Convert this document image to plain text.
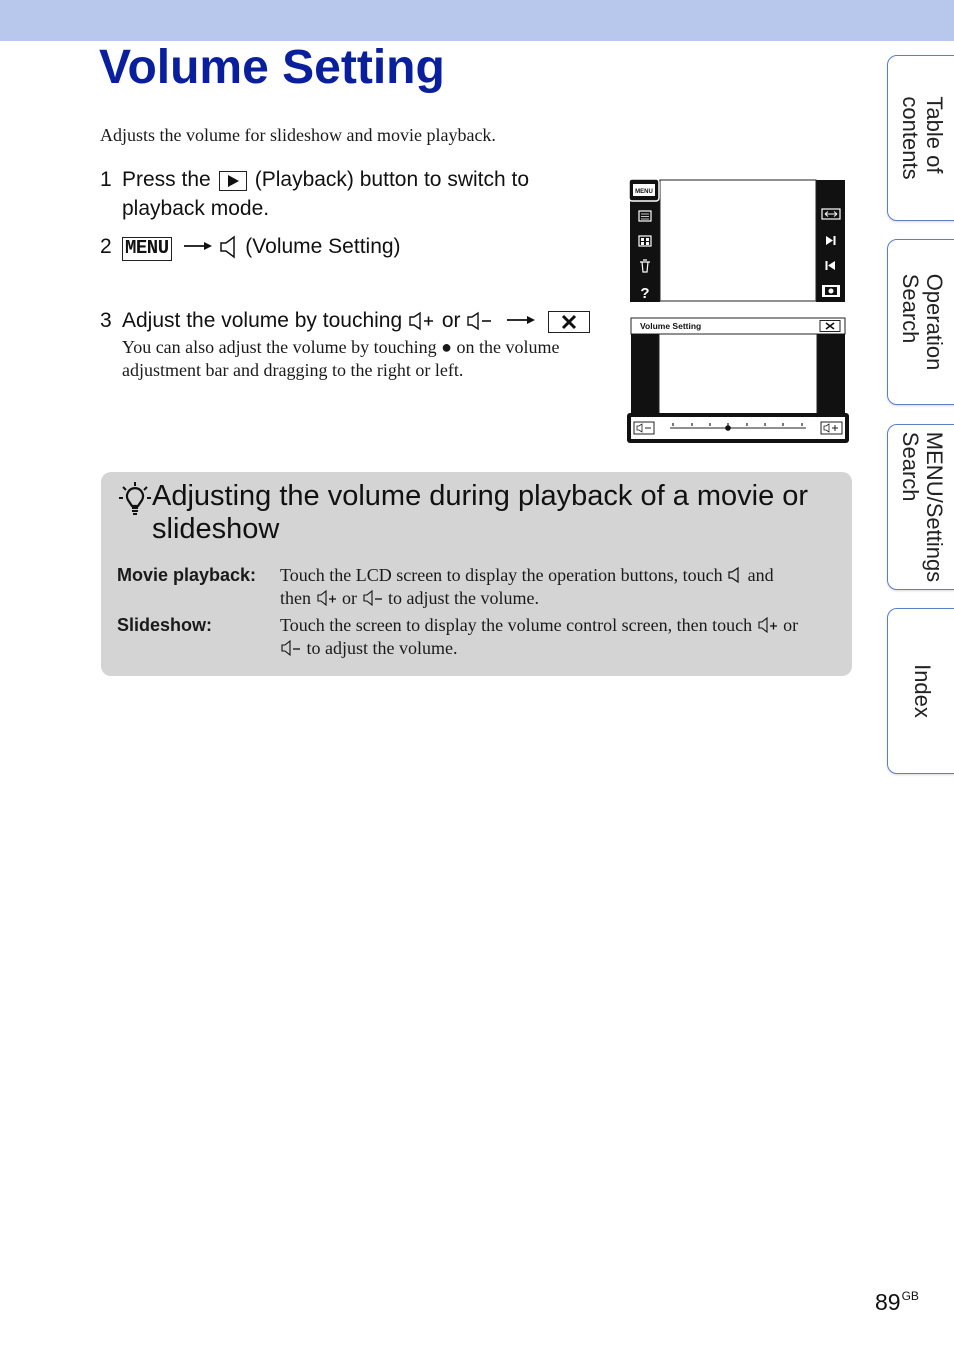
Volume Setting

Adjusts the volume for slideshow and movie playback.

1 Press the (Playback) button to switch to
playback mode.
2 MENU	(Volume Setting)
3 Adjust the volume by touching or

You can also adjust the volume by touching ● on the volume adjustment bar and dragging to the right or left.

MENU
?
Volume Setting
Adjusting the volume during playback of a movie or
slideshow
Movie playback: Touch the LCD screen to display the operation buttons, touch and
then or to adjust the volume.
Slideshow:	Touch the screen to display the volume control screen, then touch or
to adjust the volume.
Table of
contents
Operation
Search
MENU/Settings
Search
Index
$89^{GB}$
